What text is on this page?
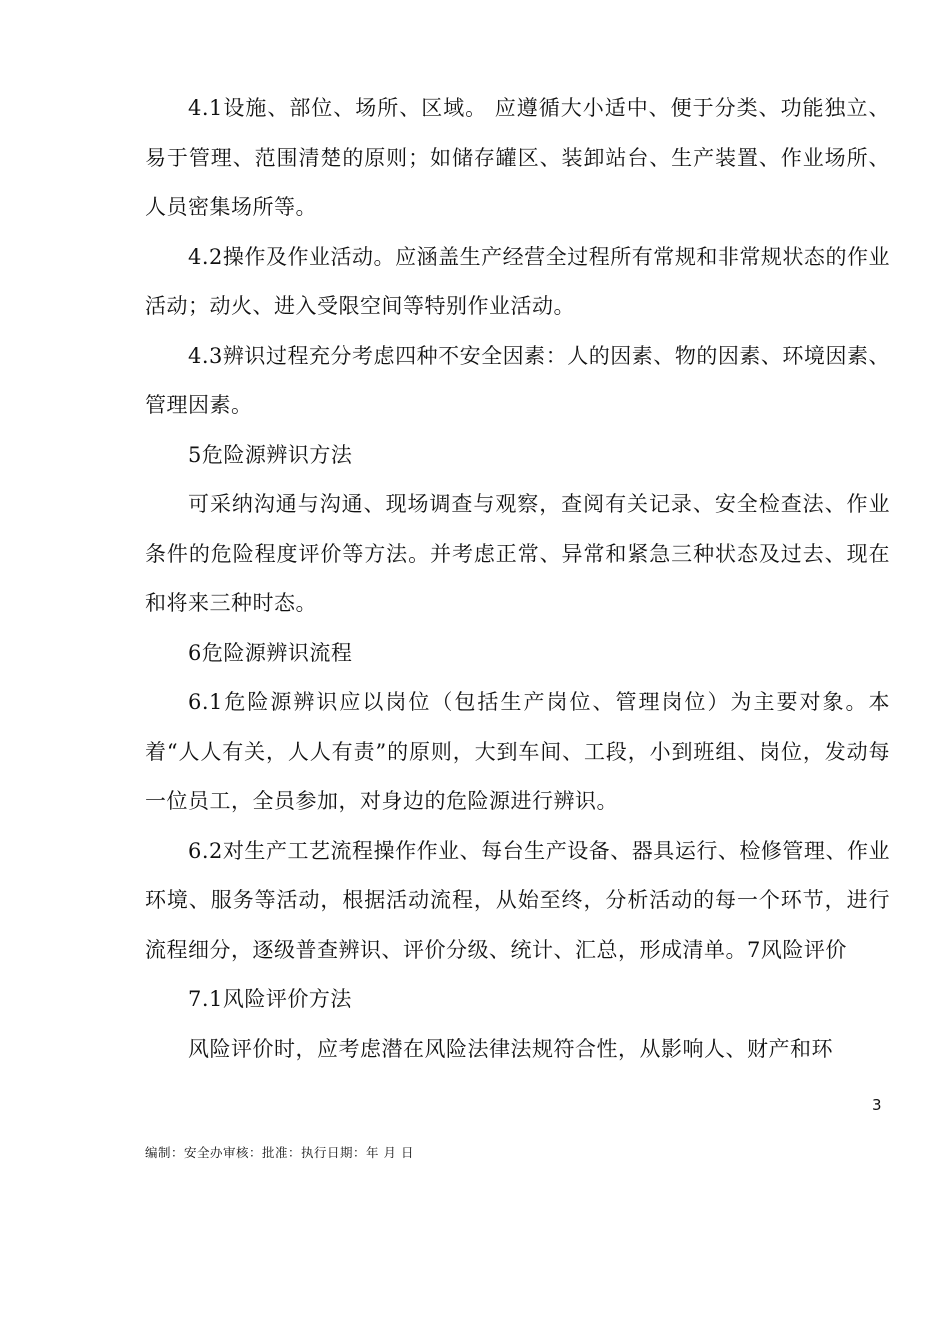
4.1设施、部位、场所、区域。 应遵循大小适中、便于分类、功能独立、易于管理、范围清楚的原则；如储存罐区、装卸站台、生产装置、作业场所、人员密集场所等。

4.2操作及作业活动。应涵盖生产经营全过程所有常规和非常规状态的作业活动；动火、进入受限空间等特别作业活动。

4.3辨识过程充分考虑四种不安全因素：人的因素、物的因素、环境因素、管理因素。

5危险源辨识方法

可采纳沟通与沟通、现场调查与观察，查阅有关记录、安全检查法、作业条件的危险程度评价等方法。并考虑正常、异常和紧急三种状态及过去、现在和将来三种时态。

6危险源辨识流程

6.1危险源辨识应以岗位（包括生产岗位、管理岗位）为主要对象。本着“人人有关，人人有责”的原则，大到车间、工段，小到班组、岗位，发动每一位员工，全员参加，对身边的危险源进行辨识。

6.2对生产工艺流程操作作业、每台生产设备、器具运行、检修管理、作业环境、服务等活动，根据活动流程，从始至终，分析活动的每一个环节，进行流程细分，逐级普查辨识、评价分级、统计、汇总，形成清单。7风险评价

7.1风险评价方法

风险评价时，应考虑潜在风险法律法规符合性，从影响人、财产和环

3
编制：安全办审核：批准：执行日期：年 月 日
